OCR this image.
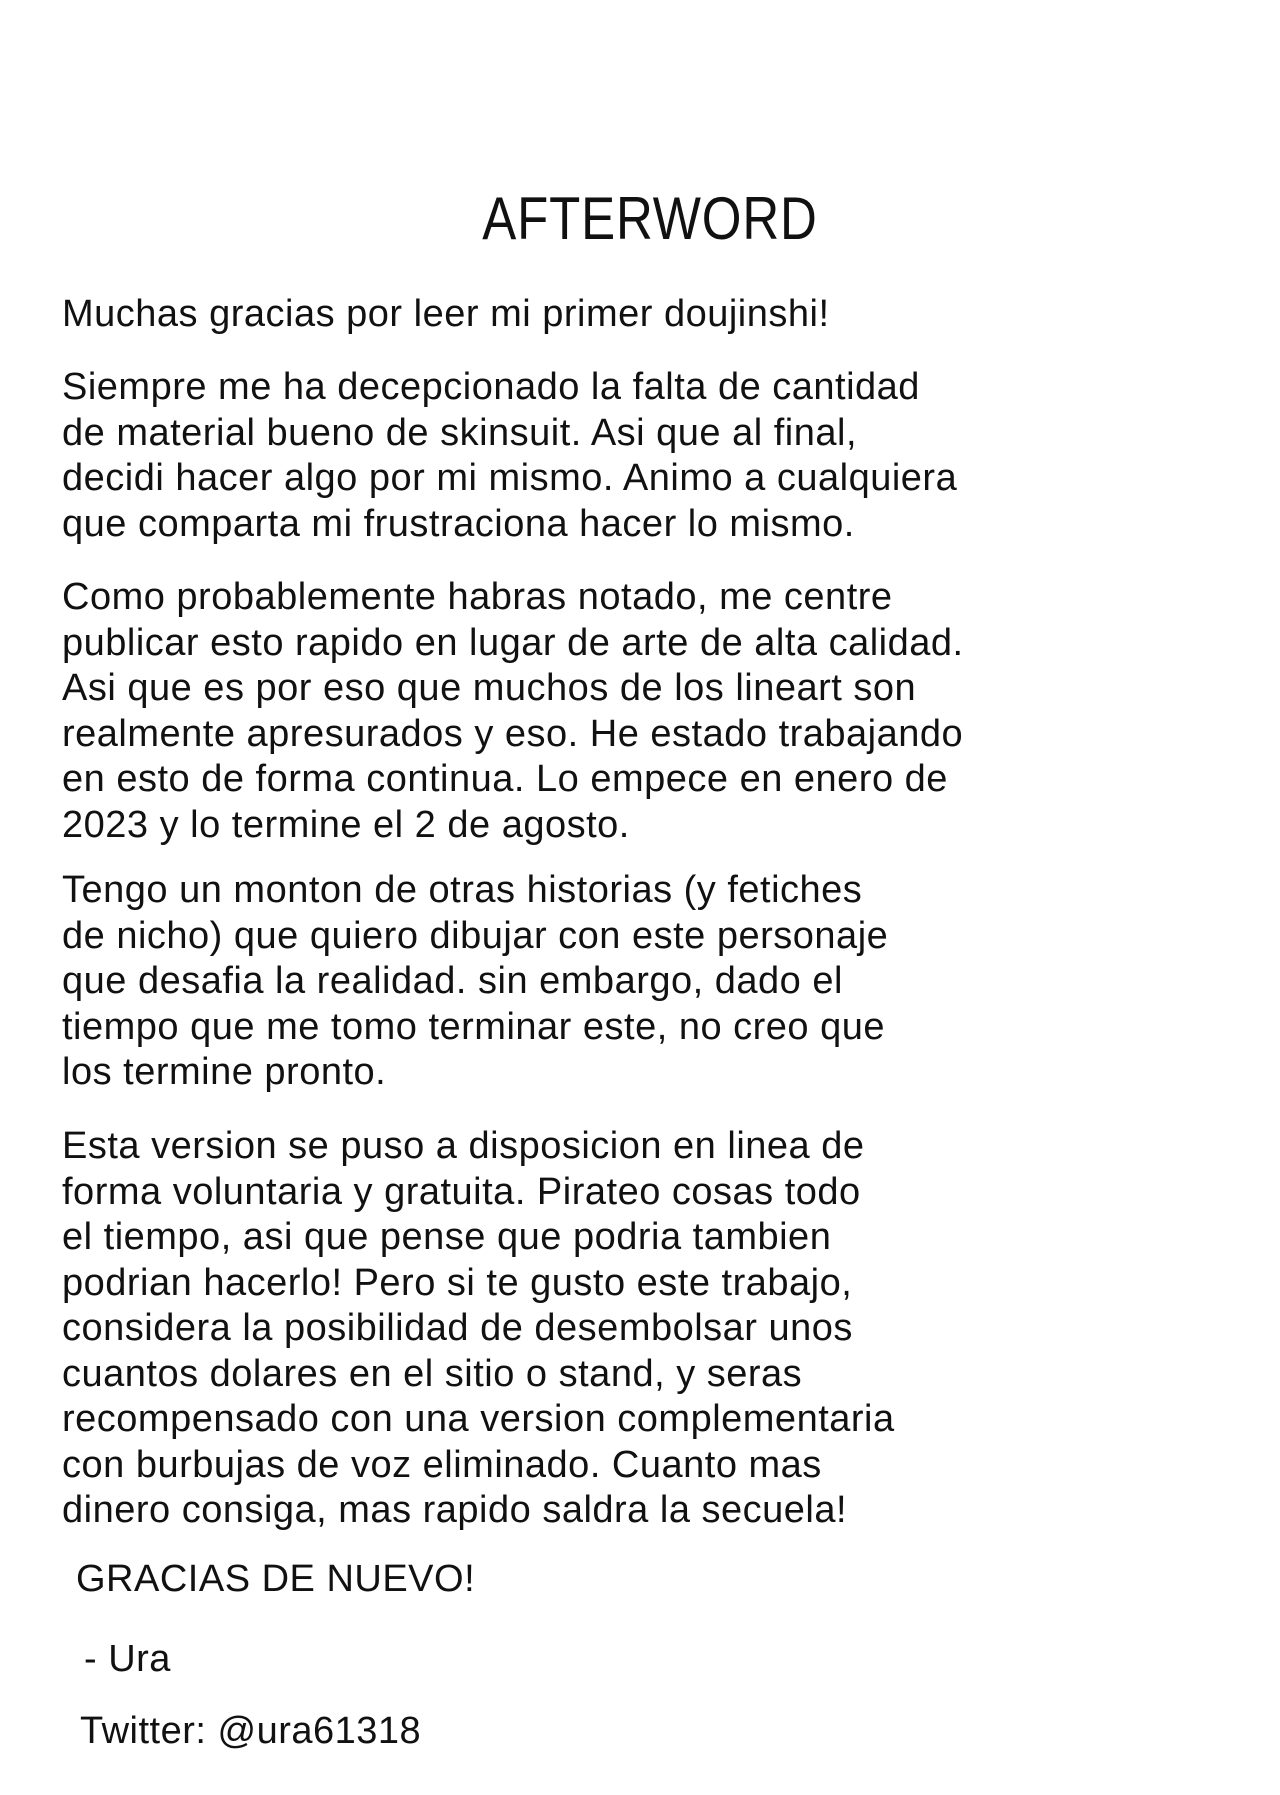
AFTERWORD
Muchas gracias por leer mi primer doujinshi!
Siempre me ha decepcionado la falta de cantidad
de material bueno de skinsuit. Asi que al final,
decidi hacer algo por mi mismo. Animo a cualquiera
que comparta mi frustraciona hacer lo mismo.
Como probablemente habras notado, me centre
publicar esto rapido en lugar de arte de alta calidad.
Asi que es por eso que muchos de los lineart son
realmente apresurados y eso. He estado trabajando
en esto de forma continua. Lo empece en enero de
2023 y lo termine el 2 de agosto.
Tengo un monton de otras historias (y fetiches
de nicho) que quiero dibujar con este personaje
que desafia la realidad. sin embargo, dado el
tiempo que me tomo terminar este, no creo que
los termine pronto.
Esta version se puso a disposicion en linea de
forma voluntaria y gratuita. Pirateo cosas todo
el tiempo, asi que pense que podria tambien
podrian hacerlo! Pero si te gusto este trabajo,
considera la posibilidad de desembolsar unos
cuantos dolares en el sitio o stand, y seras
recompensado con una version complementaria
con burbujas de voz eliminado. Cuanto mas
dinero consiga, mas rapido saldra la secuela!
GRACIAS DE NUEVO!
- Ura
Twitter: @ura61318
